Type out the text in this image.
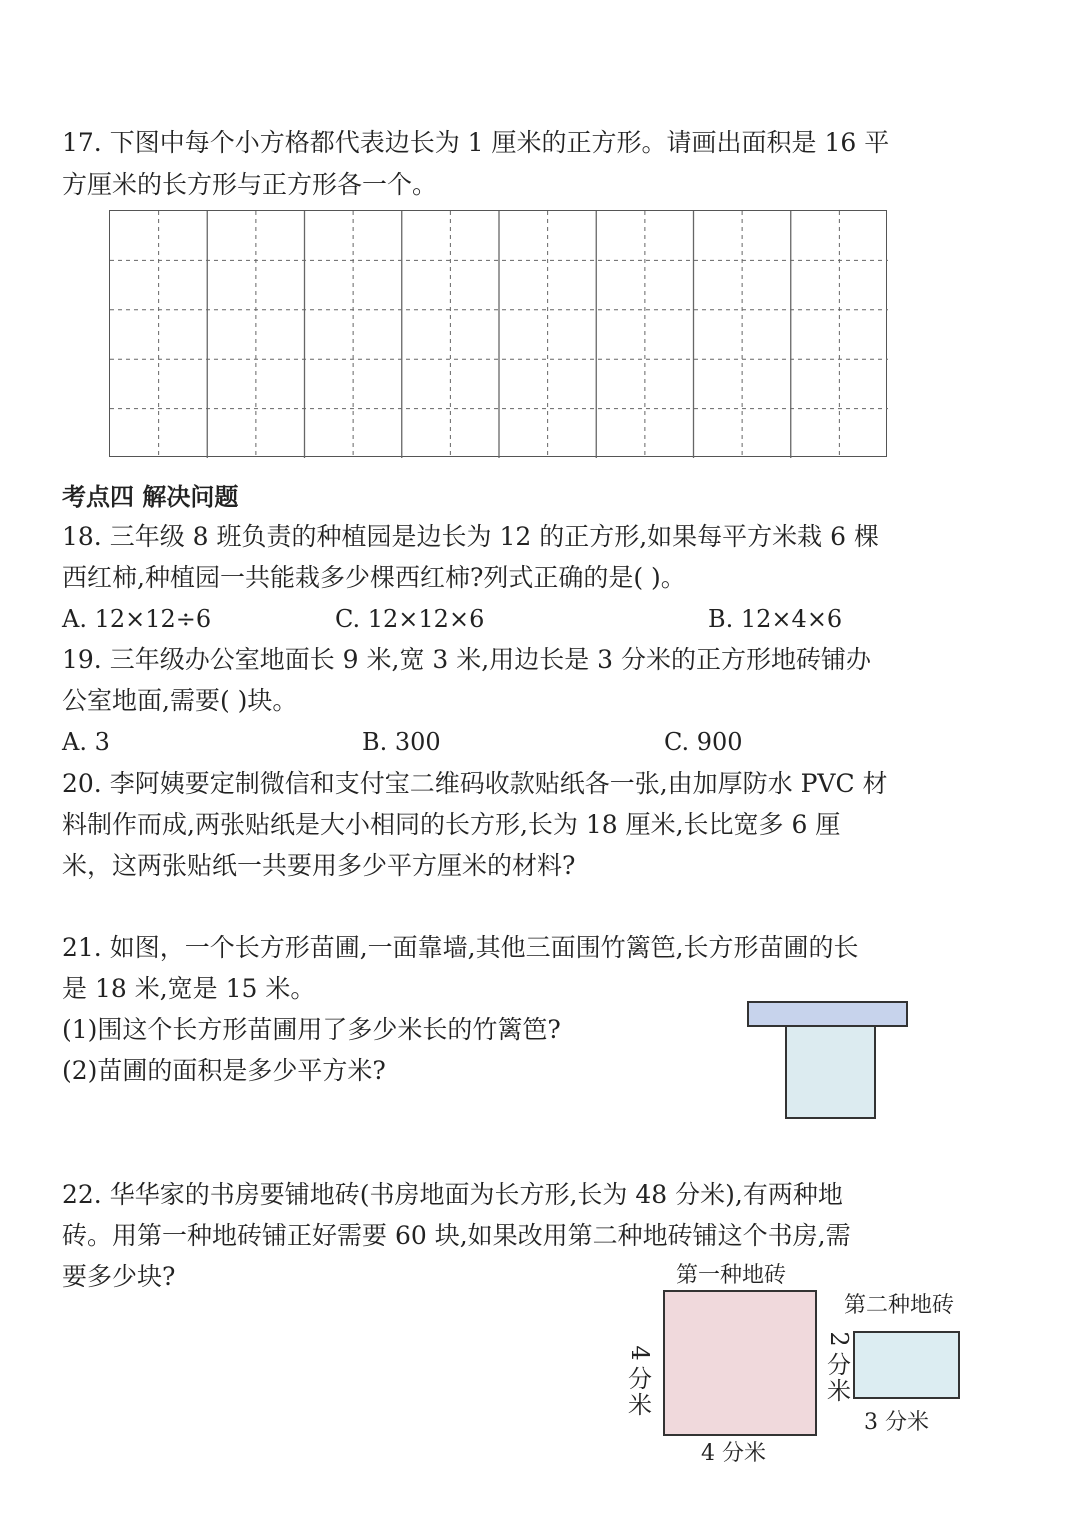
17. 下图中每个小方格都代表边长为 1 厘米的正方形。请画出面积是 16 平
方厘米的长方形与正方形各一个。
考点四 解决问题
18. 三年级 8 班负责的种植园是边长为 12 的正方形,如果每平方米栽 6 棵
西红柿,种植园一共能栽多少棵西红柿?列式正确的是( )。
A. 12×12÷6	C. 12×12×6	B. 12×4×6
19. 三年级办公室地面长 9 米,宽 3 米,用边长是 3 分米的正方形地砖铺办
公室地面,需要( )块。
A. 3	B. 300	C. 900
20. 李阿姨要定制微信和支付宝二维码收款贴纸各一张,由加厚防水 PVC 材
料制作而成,两张贴纸是大小相同的长方形,长为 18 厘米,长比宽多 6 厘
米，这两张贴纸一共要用多少平方厘米的材料?
21. 如图，一个长方形苗圃,一面靠墙,其他三面围竹篱笆,长方形苗圃的长
是 18 米,宽是 15 米。
(1)围这个长方形苗圃用了多少米长的竹篱笆?
(2)苗圃的面积是多少平方米?
22. 华华家的书房要铺地砖(书房地面为长方形,长为 48 分米),有两种地
砖。用第一种地砖铺正好需要 60 块,如果改用第二种地砖铺这个书房,需
要多少块?	第一种地砖
4
分
米
4 分米
第二种地砖
2
分
米
3 分米
